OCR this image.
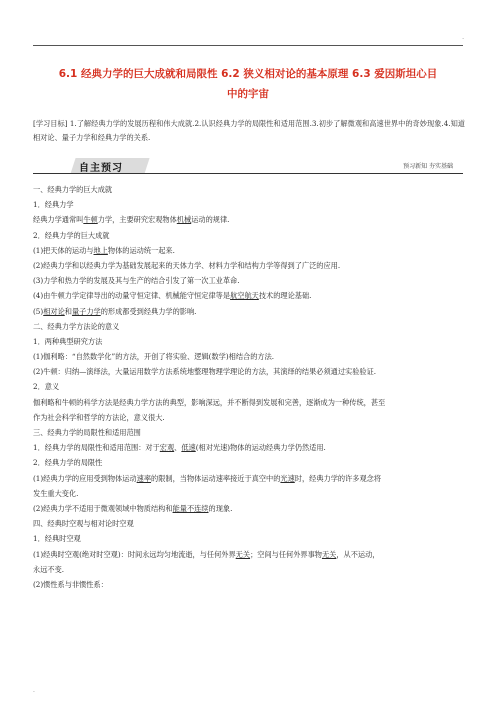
.
6.1 经典力学的巨大成就和局限性 6.2 狭义相对论的基本原理 6.3 爱因斯坦心目
中的宇宙
[学习目标] 1.了解经典力学的发展历程和伟大成就.2.认识经典力学的局限性和适用范围.3.初步了解微观和高速世界中的奇妙现象.4.知道相对论、量子力学和经典力学的关系.
自主预习	预习新知 夯实基础
一、经典力学的巨大成就
1．经典力学
经典力学通常叫牛顿力学，主要研究宏观物体机械运动的规律.
2．经典力学的巨大成就
(1)把天体的运动与地上物体的运动统一起来.
(2)经典力学和以经典力学为基础发展起来的天体力学、材料力学和结构力学等得到了广泛的应用.
(3)力学和热力学的发展及其与生产的结合引发了第一次工业革命.
(4)由牛顿力学定律导出的动量守恒定律、机械能守恒定律等是航空航天技术的理论基础.
(5)相对论和量子力学的形成都受到经典力学的影响.
二、经典力学方法论的意义
1．两种典型研究方法
(1)伽利略：“自然数学化”的方法，开创了将实验、逻辑(数学)相结合的方法.
(2)牛顿：归纳—演绎法，大量运用数学方法系统地整理物理学理论的方法，其演绎的结果必须通过实验验证.
2．意义
伽利略和牛顿的科学方法是经典力学方法的典型，影响深远，并不断得到发展和完善，逐渐成为一种传统，甚至
作为社会科学和哲学的方法论，意义很大.
三、经典力学的局限性和适用范围
1．经典力学的局限性和适用范围：对于宏观、低速(相对光速)物体的运动经典力学仍然适用.
2．经典力学的局限性
(1)经典力学的应用受到物体运动速率的限制，当物体运动速率接近于真空中的光速时，经典力学的许多观念将
发生重大变化.
(2)经典力学不适用于微观领域中物质结构和能量不连续的现象.
四、经典时空观与相对论时空观
1．经典时空观
(1)经典时空观(绝对时空观)：时间永远均匀地流逝，与任何外界无关；空间与任何外界事物无关，从不运动，
永远不变.
(2)惯性系与非惯性系：
.
